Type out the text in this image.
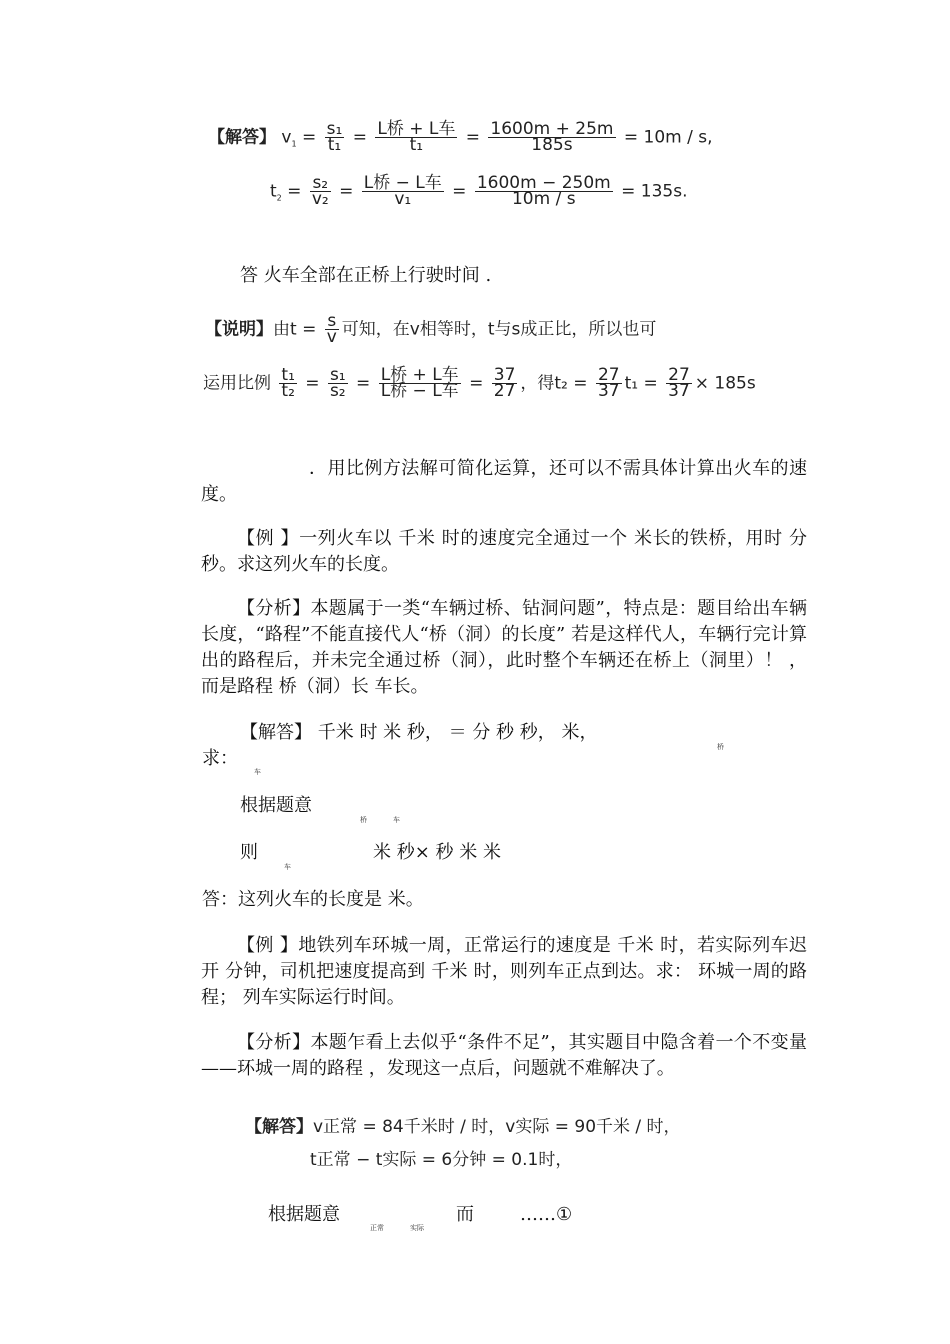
【解答】 $v_1 = \frac{\text{s₁}}{\text{t₁}} = L$桥 + L车
t₁	= $\frac{1600m + 25m}{185s} = 10m / s$,
$t_2 = \frac{\text{s₂}}{\text{v₂}} = L$桥 − L车
v₁	= $\frac{1600m - 250m}{10m / s} = 135s$.
答 火车全部在正桥上行驶时间 .
【说明】由$t = \frac{s}{v}$ 可知，在v相等时，t与s成正比，所以也可
运用比例 $\frac{\text{t₁}}{\text{t₂}} = \frac{\text{s₁}}{\text{s₂}} = L$桥 + L车
L桥 − L车 = $\frac{37}{27}$ ，得$t_2 = \frac{27}{37} t_1 = \frac{27}{37} \times 185s$
．用比例方法解可简化运算，还可以不需具体计算出火车的速度。
【例 】一列火车以 千米 时的速度完全通过一个 米长的铁桥，用时 分 秒。求这列火车的长度。
【分析】本题属于一类“车辆过桥、钻洞问题”，特点是：题目给出车辆长度，“路程”不能直接代人“桥（洞）的长度” 若是这样代人，车辆行完计算出的路程后，并未完全通过桥（洞），此时整个车辆还在桥上（洞里）！ ，而是路程 桥（洞）长 车长。
【解答】 千米 时 米 秒， ＝ 分 秒 秒， 米，
桥
求：
车
根据题意
桥	车
则
车
米 秒× 秒 米 米
答：这列火车的长度是 米。
【例 】地铁列车环城一周，正常运行的速度是 千米 时，若实际列车迟开 分钟，司机把速度提高到 千米 时，则列车正点到达。求： 环城一周的路程； 列车实际运行时间。
【分析】本题乍看上去似乎“条件不足”，其实题目中隐含着一个不变量——环城一周的路程 ，发现这一点后，问题就不难解决了。
【解答】v正常 = 84千米时 / 时，v实际 = 90千米 / 时，
t正常 − t实际 = 6分钟 = 0.1时，
根据题意
正常	实际
而	……①
